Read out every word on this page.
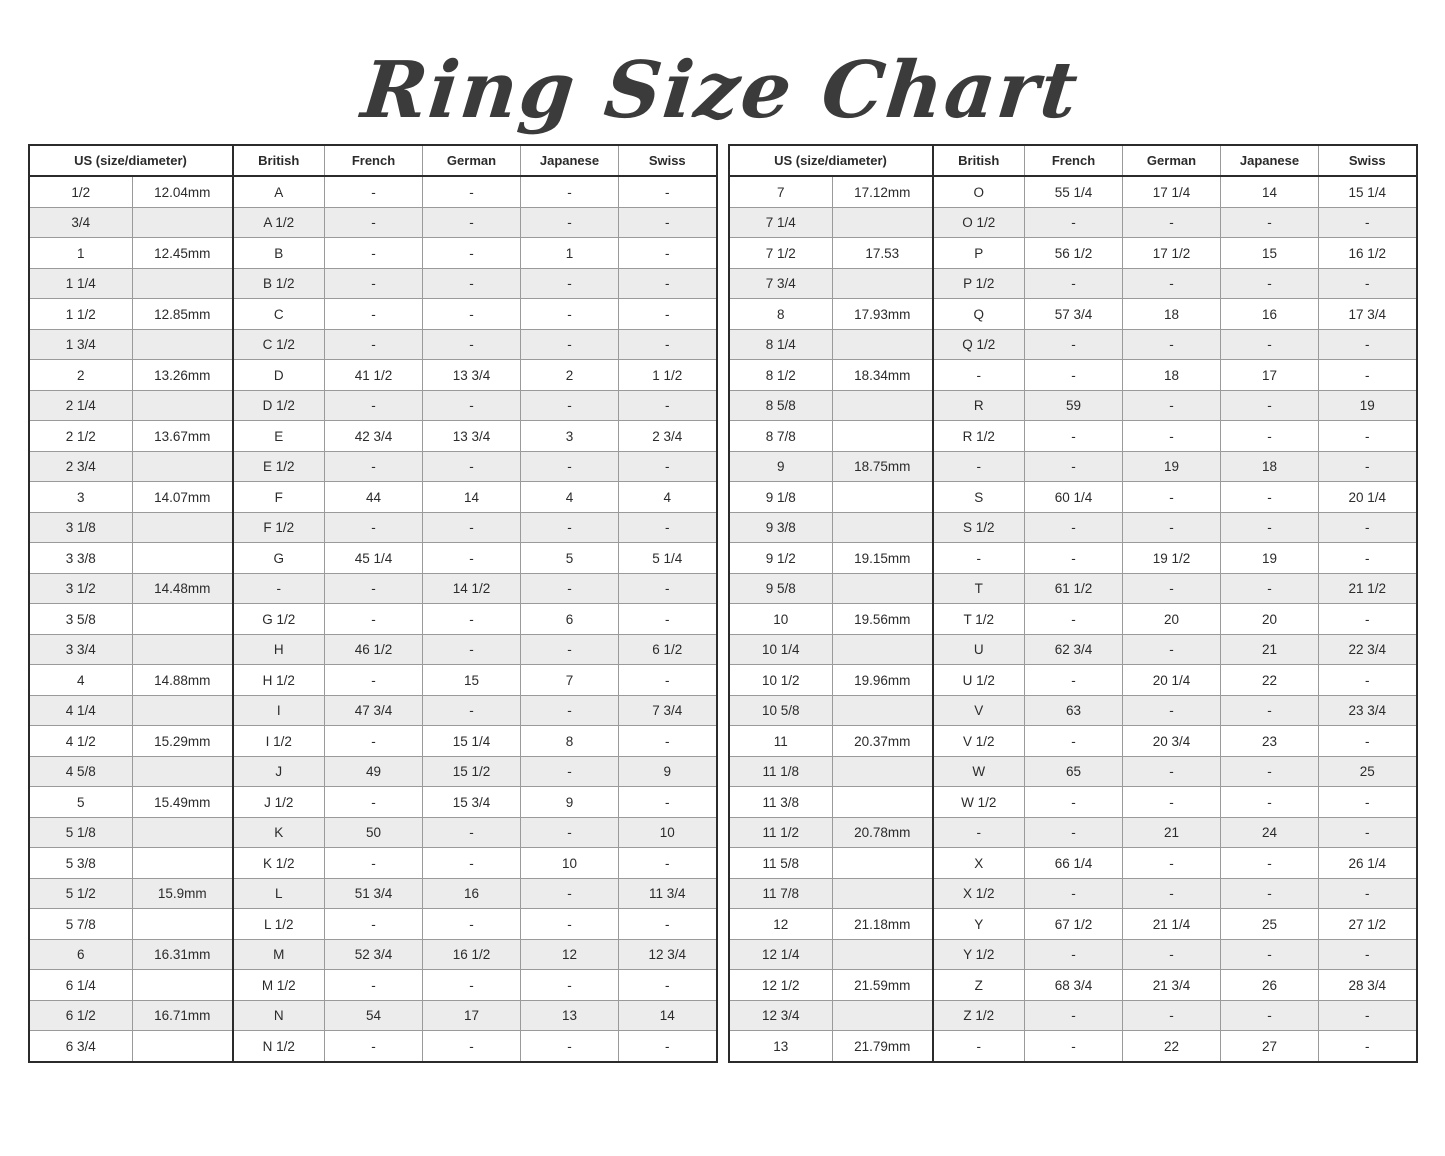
Ring Size Chart
US (size/diameter)		British	French	German	Japanese	Swiss
1/2	12.04mm	A	-	-	-	-
3/4		A 1/2	-	-	-	-
1	12.45mm	B	-	-	1	-
1 1/4		B 1/2	-	-	-	-
1 1/2	12.85mm	C	-	-	-	-
1 3/4		C 1/2	-	-	-	-
2	13.26mm	D	41 1/2	13 3/4	2	1 1/2
2 1/4		D 1/2	-	-	-	-
2 1/2	13.67mm	E	42 3/4	13 3/4	3	2 3/4
2 3/4		E 1/2	-	-	-	-
3	14.07mm	F	44	14	4	4
3 1/8		F 1/2	-	-	-	-
3 3/8		G	45 1/4	-	5	5 1/4
3 1/2	14.48mm	-	-	14 1/2	-	-
3 5/8		G 1/2	-	-	6	-
3 3/4		H	46 1/2	-	-	6 1/2
4	14.88mm	H 1/2	-	15	7	-
4 1/4		I	47 3/4	-	-	7 3/4
4 1/2	15.29mm	I 1/2	-	15 1/4	8	-
4 5/8		J	49	15 1/2	-	9
5	15.49mm	J 1/2	-	15 3/4	9	-
5 1/8		K	50	-	-	10
5 3/8		K 1/2	-	-	10	-
5 1/2	15.9mm	L	51 3/4	16	-	11 3/4
5 7/8		L 1/2	-	-	-	-
6	16.31mm	M	52 3/4	16 1/2	12	12 3/4
6 1/4		M 1/2	-	-	-	-
6 1/2	16.71mm	N	54	17	13	14
6 3/4		N 1/2	-	-	-	-
US (size/diameter)		British	French	German	Japanese	Swiss
7	17.12mm	O	55 1/4	17 1/4	14	15 1/4
7 1/4		O 1/2	-	-	-	-
7 1/2	17.53	P	56 1/2	17 1/2	15	16 1/2
7 3/4		P 1/2	-	-	-	-
8	17.93mm	Q	57 3/4	18	16	17 3/4
8 1/4		Q 1/2	-	-	-	-
8 1/2	18.34mm	-	-	18	17	-
8 5/8		R	59	-	-	19
8 7/8		R 1/2	-	-	-	-
9	18.75mm	-	-	19	18	-
9 1/8		S	60 1/4	-	-	20 1/4
9 3/8		S 1/2	-	-	-	-
9 1/2	19.15mm	-	-	19 1/2	19	-
9 5/8		T	61 1/2	-	-	21 1/2
10	19.56mm	T 1/2	-	20	20	-
10 1/4		U	62 3/4	-	21	22 3/4
10 1/2	19.96mm	U 1/2	-	20 1/4	22	-
10 5/8		V	63	-	-	23 3/4
11	20.37mm	V 1/2	-	20 3/4	23	-
11 1/8		W	65	-	-	25
11 3/8		W 1/2	-	-	-	-
11 1/2	20.78mm	-	-	21	24	-
11 5/8		X	66 1/4	-	-	26 1/4
11 7/8		X 1/2	-	-	-	-
12	21.18mm	Y	67 1/2	21 1/4	25	27 1/2
12 1/4		Y 1/2	-	-	-	-
12 1/2	21.59mm	Z	68 3/4	21 3/4	26	28 3/4
12 3/4		Z 1/2	-	-	-	-
13	21.79mm	-	-	22	27	-
